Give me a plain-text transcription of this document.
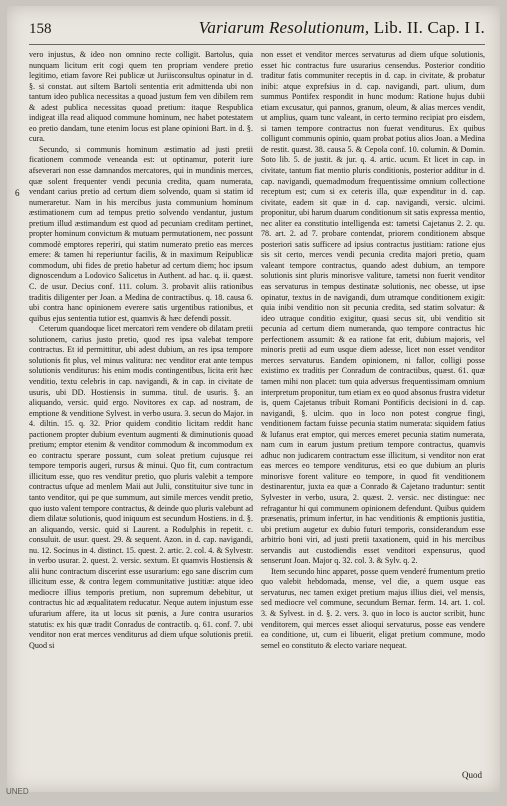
158	Variarum Resolutionum, Lib. II. Cap. I I.
6

vero injustus, & ideo non omnino recte colligit. Bartolus, quia nunquam licitum erit cogi quem ten propriam vendere pretio legitimo, etiam favore Rei publicæ ut Juriisconsultus opinatur in d. §. si constat. aut siltem Bartoli sententia erit admittenda ubi non tantum ideo publica necessitas a quoad justum fem ven dibilem rem & adest publica necessitas quoad pretium: itaque Respublica indigeat illa read aliquod commune hominum, nec habet potestatem eo pretio dandam, tune etenim locus est plane opinioni Bart. in d. §. cura.

Secundo, si communis hominum æstimatio ad justi pretii ficationem commode veneanda est: ut optinamur, poterit iure afseverari non esse damnandos mercatores, qui in mundinis merces, quæ solent frequenter vendi pecunia credita, quam numerata, vendant carius pretio ad certum diem solvendo, quam si statim id numeraretur. Nam in his mercibus justa communium hominum æstimationem cum ad tempus pretio solvendo vendantur, justum pretium illud æstimandum est quod ad pecuniam creditam pertinet, propter hominum convictum & mutuam permutationem, nec possunt commodè emptores reperiri, qui statim numerato pretio eas merces emere: & tamen hi reperiuntur facilis, & in maximum Reipublicæ commodum, ubi fides de pretio habetur ad certum diem; hoc ipsum dignoscendum a Lodovico Salicetus in Authent. ad hac. q. ii. quæst. C. de usur. Decius conf. 111. colum. 3. probavit aliis rationibus traditis diligenter per Joan. a Medina de contractibus. q. 18. causa 6. ubi contra hanc opinionem everere satis urgentibus rationibus, et quibus ejus sententia tutior est, quamvis & hæc defendi possit.

Ceterum quandoque licet mercatori rem vendere ob dilatam pretii solutionem, carius justo pretio, quod res ipsa valebat tempore contractus. Et id permittitur, ubi adest dubium, an res ipsa tempore solutionis fit plus, vel minus valitura: nec venditor erat ante tempus solutionis venditurus: his enim modis contingentibus, licita erit hæc venditio, textu celebris in cap. navigandi, & in cap. in civitate de usuris, ubi DD. Hostiensis in summa. titul. de usuris. §. an aliquando, versic. quid ergo. Novitores ex cap. ad nostram, de emptione & venditione Sylvest. in verbo usura. 3. secun do Major. in 4. diltin. 15. q. 32. Prior quidem conditio licitam reddit hanc pactionem propter dubium eventum augmenti & diminutionis quoad pretium; emptor etenim & venditor commodum & incommodum ex eo contractu sperare possunt, cum soleat pretium cujusque rei tempore temporis augeri, rursus & minui. Quo fit, cum contractum illicitum esse, quo res venditur pretio, quo pluris valebit a tempore contractus ufque ad menlem Maii aut Julii, constituitur sive tunc in tanto venditor, qui pe que summum, aut simile merces vendit pretio, quo iusto valent tempore contractus, & deinde quo pluris valebunt ad diem dilatæ solutionis, quod iniquum est secundum Hostiens. in d. §. an aliquando, versic. quid si Laurent. a Rodulphis in repetit. c. consuluit. de usur. quest. 29. & sequent. Azon. in d. cap. navigandi, nu. 12. Socinus in 4. distinct. 15. quest. 2. artic. 2. col. 4. & Sylvestr. in verbo usurar. 2. quest. 2. versic. sextum. Et quamvis Hostiensis & alii hunc contractum discerint esse usurarium: ego sane discrim cum illicitum esse, & contra legem communitative justitiæ: atque ideo mediocre illius temporis pretium, non supremum debebitur, ut contractus hic ad æqualitatem reducatur. Neque autem injustum esse ufurarium affere, ita ut locus sit pœnis, a Jure contra usurarios statutis: ex his quæ tradit Conradus de contractib. q. 61. conf. 7. ubi venditor non erat merces venditurus ad diem ufque solutionis pretii. Quod si

non esset et venditor merces servaturus ad diem ufque solutionis, esset hic contractus fure usurarius censendus. Posterior conditio traditur fatis communiter receptis in d. cap. in civitate, & probatur inibi: atque exprefsius in d. cap. navigandi, part. ulium, dum summus Pontifex respondit in hunc modum: Ratione hujus dubii etiam excusatur, qui pannos, granum, oleum, & alias merces vendit, ut amplius, quam tunc valeant, in certo termino recipiat pro eisdem, si tamen tempore contractus non fuerat venditurus. Ex quibus colligunt communis opinio, quam probat potius alios Joan. a Medina de restit. quæst. 38. causa 5. & Cepola conf. 10. columin. & Domin. Soto lib. 5. de justit. & jur. q. 4. artic. ucum. Et licet in cap. in civitate, tantum fiat mentio pluris conditionis, posterior additur in d. cap. navigandi, quemadmodum frequentissime omnium collectione receptum est; cum si ex ceteris illa, quæ expenditur in d. cap. civitate, eadem sit quæ in d. cap. navigandi, versic. ulcimi. proponitur, ubi harum duarum conditionum sit satis expressa mentio, nec aliter ea constitutio intelligenda est: tametsi Cajetanus 2. 2. qu. 78. art. 2. ad 7. probare contendat, priorem conditionem absque posteriori satis sufficere ad ipsius contractus justitiam: ratione ejus sis sit certo, merces vendi pecunia credita majori pretio, quam valeant tempore contractus, quando adest dubium, an tempore solutionis sint pluris minorisve valiture, tametsi non fuerit venditor eas servaturus in tempus destinatæ solutionis, nec obesse, ut ipse opinatur, textus in de navigandi, dum utramque conditionem exigit: quia inibi venditio non sit pecunia credita, sed statim solvatur: & ideo utraque conditio exigitur, quasi secus sit, ubi venditio sit pecunia ad certum diem numeranda, quo tempore contractus hic perfectionem assumit: & ea ratione fat erit, dubium majoris, vel minoris pretii ad eum usque diem adesse, licet non esset venditor merces servaturus. Eandem opinionem, ni fallor, colligi posse existimo ex traditis per Conradum de contractibus, quæst. 61. quæ tamen mihi non placet: tum quia adversus frequentissimam omnium interpretum proponitur, tum etiam ex eo quod absonus frustra videtur is, quem Cajetanus tribuit Romani Pontificis decisioni in d. cap. navigandi, §. ulcim. quo in loco non potest congrue fingi, venditionem factam fuisse pecunia statim numerata: siquidem fatius & lufanus erat emptor, qui merces emeret pecunia statim numerata, nam cum in earum justum pretium tempore contractus, quamvis adhuc non judicarem contractum esse illicitum, si venditor non erat eas merces eo tempore venditurus, etsi eo que dubium an pluris minorisve forent valiture eo tempore, in quod fit venditionem destinarentur, juxta ea quæ a Conrado & Cajetano traduntur: sentit Sylvester in verbo, usura, 2. quæst. 2. versic. nec distingue: nec refragantur hi qui communem opinionem defendunt. Quibus quidem præsenatis, primum infertur, in hac venditionis & emptionis justitia, ubi pretium augetur ex dubio futuri temporis, considerandum esse arbitrio boni viri, ad justi pretii taxationem, quid in his mercibus servandis aut custodiendis esset venditori expensurus, quod senserunt Joan. Major q. 32. col. 3. & Sylv. q. 2.

Item secundo hinc apparet, posse quem venderé frumentum pretio quo valebit hebdomada, mense, vel die, a quem usque eas servaturus, nec tamen exiget pretium majus illius diei, vel mensis, sed mediocre vel commune, secundum Bernar. ferm. 14. art. 1. col. 3. & Sylvest. in d. §. 2. vers. 3. quo in loco is auctor scribit, hunc venditorem, qui merces esset alioqui servaturus, posse eas vendere ea conditione, ut, cum ei libuerit, eligat pretium commune, modo semel eo constituto & electo variare nequeat.

Quod
UNED
